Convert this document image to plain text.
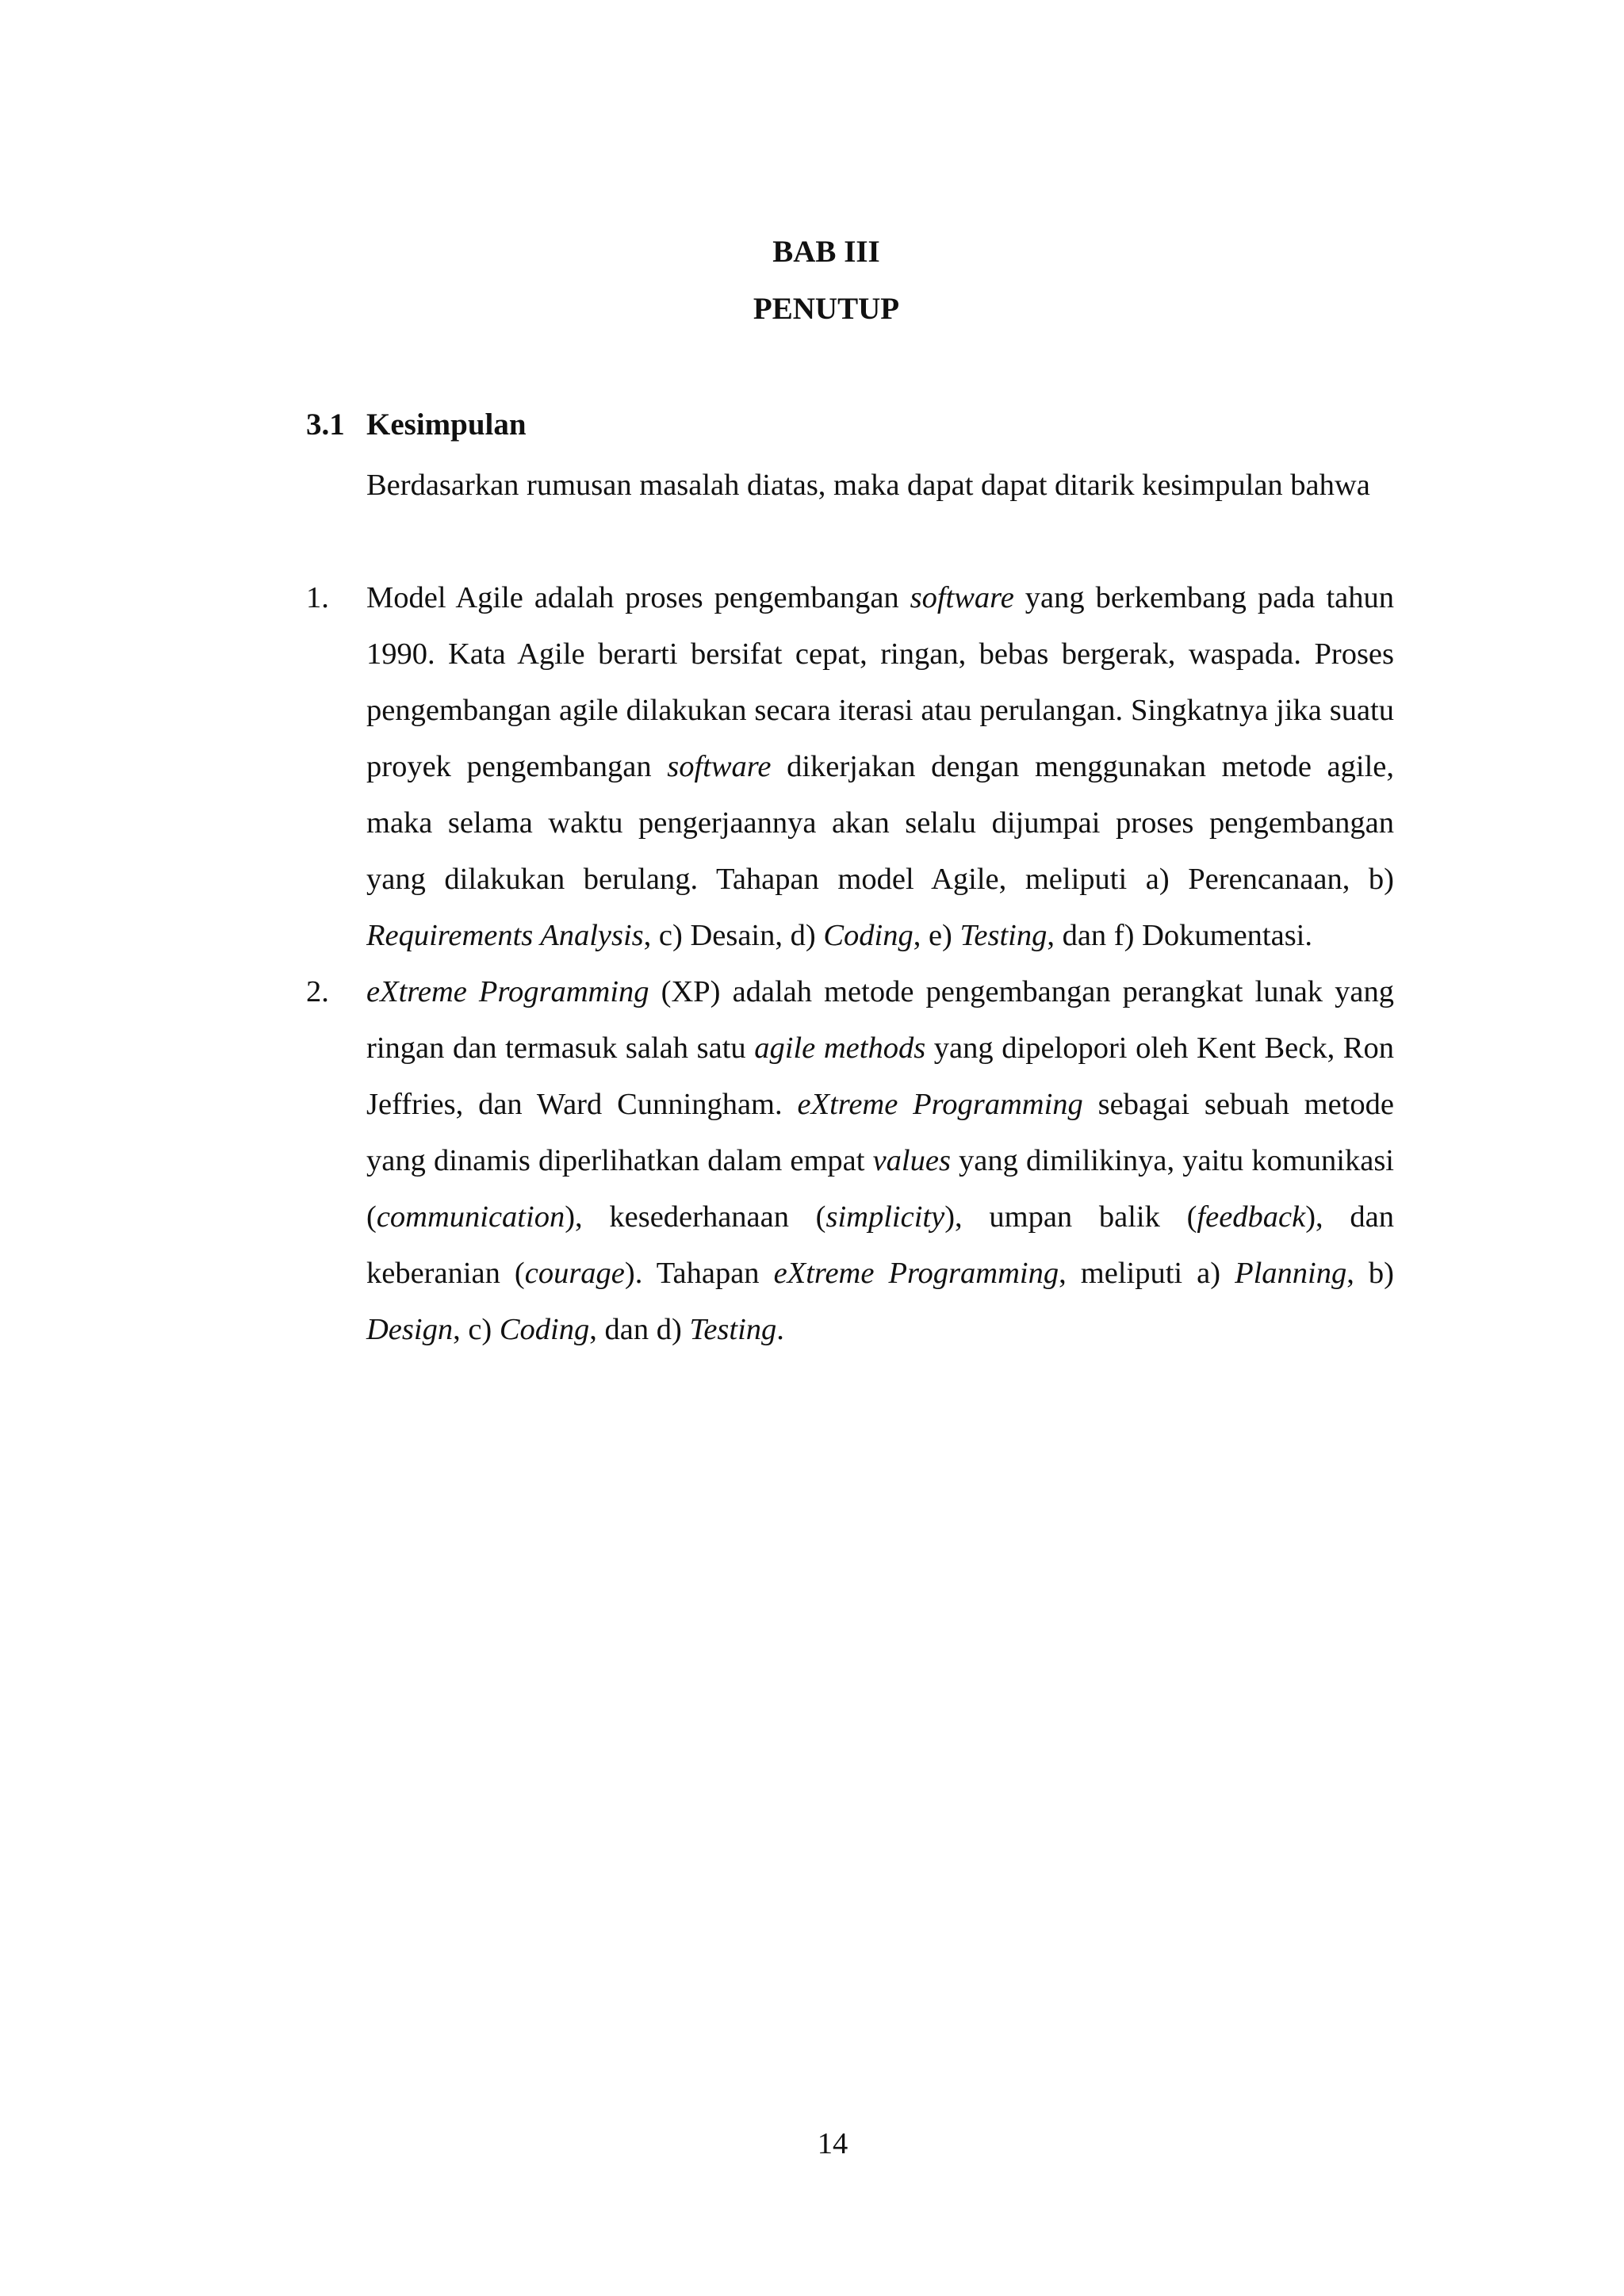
BAB III
PENUTUP
3.1 Kesimpulan

Berdasarkan rumusan masalah diatas, maka dapat dapat ditarik kesimpulan bahwa

1. Model Agile adalah proses pengembangan software yang berkembang pada tahun 1990. Kata Agile berarti bersifat cepat, ringan, bebas bergerak, waspada. Proses pengembangan agile dilakukan secara iterasi atau perulangan. Singkatnya jika suatu proyek pengembangan software dikerjakan dengan menggunakan metode agile, maka selama waktu pengerjaannya akan selalu dijumpai proses pengembangan yang dilakukan berulang. Tahapan model Agile, meliputi a) Perencanaan, b) Requirements Analysis, c) Desain, d) Coding, e) Testing, dan f) Dokumentasi.

2. eXtreme Programming (XP) adalah metode pengembangan perangkat lunak yang ringan dan termasuk salah satu agile methods yang dipelopori oleh Kent Beck, Ron Jeffries, dan Ward Cunningham. eXtreme Programming sebagai sebuah metode yang dinamis diperlihatkan dalam empat values yang dimilikinya, yaitu komunikasi (communication), kesederhanaan (simplicity), umpan balik (feedback), dan keberanian (courage). Tahapan eXtreme Programming, meliputi a) Planning, b) Design, c) Coding, dan d) Testing.

14
